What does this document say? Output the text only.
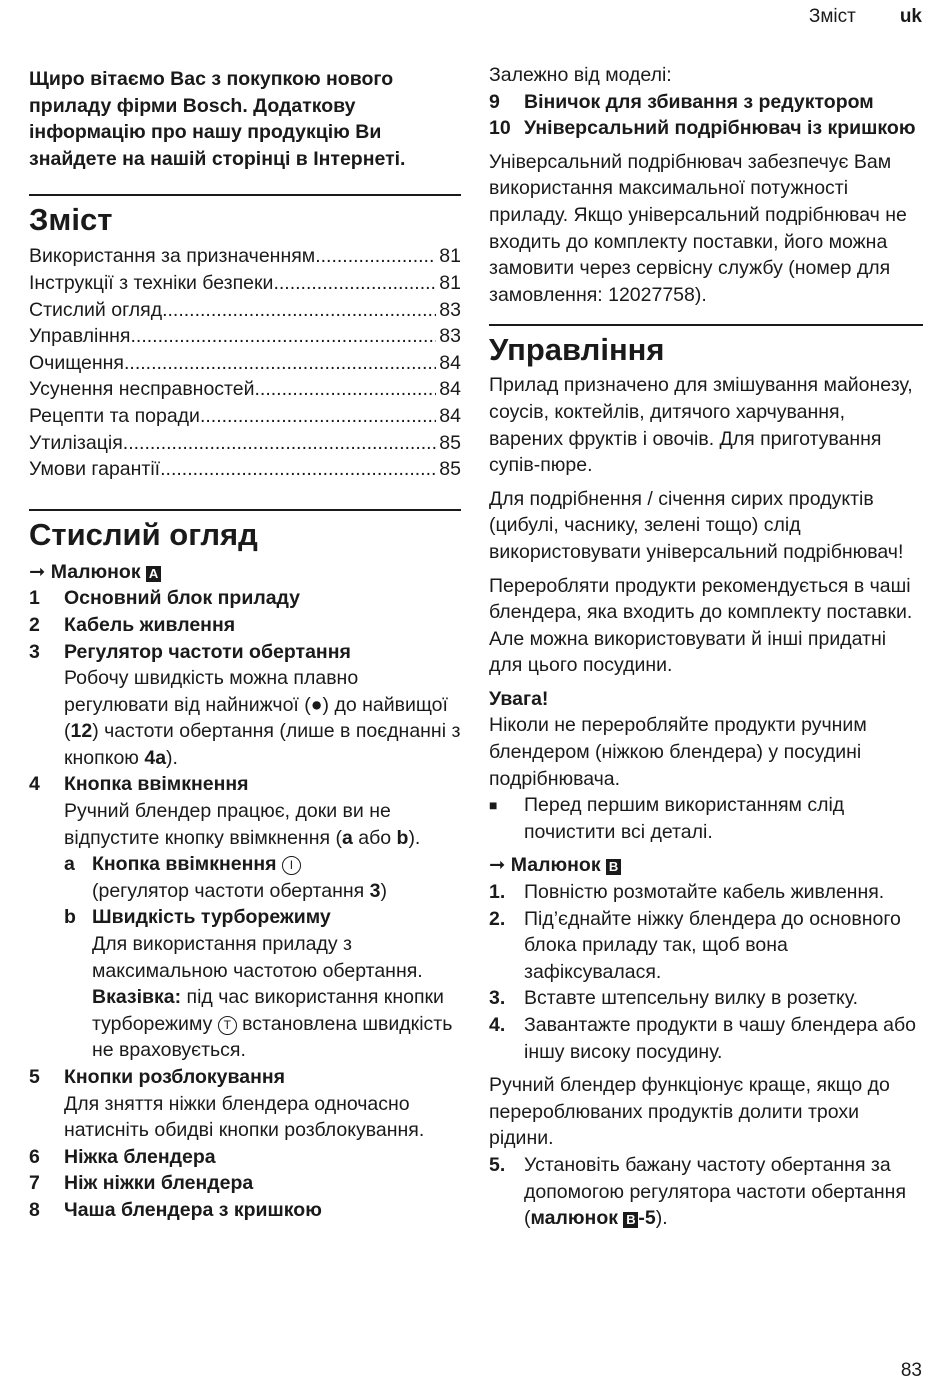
Зміст uk

Щиро вітаємо Вас з покупкою нового приладу фірми Bosch. Додаткову інформацію про нашу продукцію Ви знайдете на нашій сторінці в Інтернеті.

Зміст
Використання за призначенням .....	81
Інструкції з техніки безпеки .....	81
Стислий огляд .....	83
Управління .....	83
Очищення .....	84
Усунення несправностей .....	84
Рецепти та поради .....	84
Утилізація .....	85
Умови гарантії .....	85
Стислий огляд

➞ Малюнок A

1	Основний блок приладу
2	Кабель живлення
3	Регулятор частоти обертання

Робочу швидкість можна плавно регулювати від найнижчої (●) до найвищої (12) частоти обертання (лише в поєднанні з кнопкою 4a).

4	Кнопка ввімкнення

Ручний блендер працює, доки ви не відпустите кнопку ввімкнення (a або b).

a Кнопка ввімкнення I

(регулятор частоти обертання 3)

b Швидкість турборежиму

Для використання приладу з максимальною частотою обертання.

Вказівка: під час використання кнопки турборежиму T встановлена швидкість не враховується.

5	Кнопки розблокування

Для зняття ніжки блендера одночасно натисніть обидві кнопки розблокування.

6	Ніжка блендера
7	Ніж ніжки блендера
8	Чаша блендера з кришкою

Залежно від моделі:

9	Віничок для збивання з редуктором
10 Універсальний подрібнювач із кришкою

Універсальний подрібнювач забезпечує Вам використання максимальної потужності приладу. Якщо універсальний подрібнювач не входить до комплекту поставки, його можна замовити через сервісну службу (номер для замовлення: 12027758).

Управління

Прилад призначено для змішування майонезу, соусів, коктейлів, дитячого харчування, варених фруктів і овочів. Для приготування супів-пюре.

Для подрібнення / січення сирих продуктів (цибулі, часнику, зелені тощо) слід використовувати універсальний подрібнювач!

Переробляти продукти рекомендується в чаші блендера, яка входить до комплекту поставки. Але можна використовувати й інші придатні для цього посудини.

Увага!

Ніколи не переробляйте продукти ручним блендером (ніжкою блендера) у посудині подрібнювача.

■	Перед першим використанням слід почистити всі деталі.

➞ Малюнок B

1. Повністю розмотайте кабель живлення.
2. Під’єднайте ніжку блендера до основного блока приладу так, щоб вона зафіксувалася.
3. Вставте штепсельну вилку в розетку.
4. Завантажте продукти в чашу блендера або іншу високу посудину.

Ручний блендер функціонує краще, якщо до перероблюваних продуктів долити трохи рідини.

5. Установіть бажану частоту обертання за допомогою регулятора частоти обертання (малюнок B -5).
83
